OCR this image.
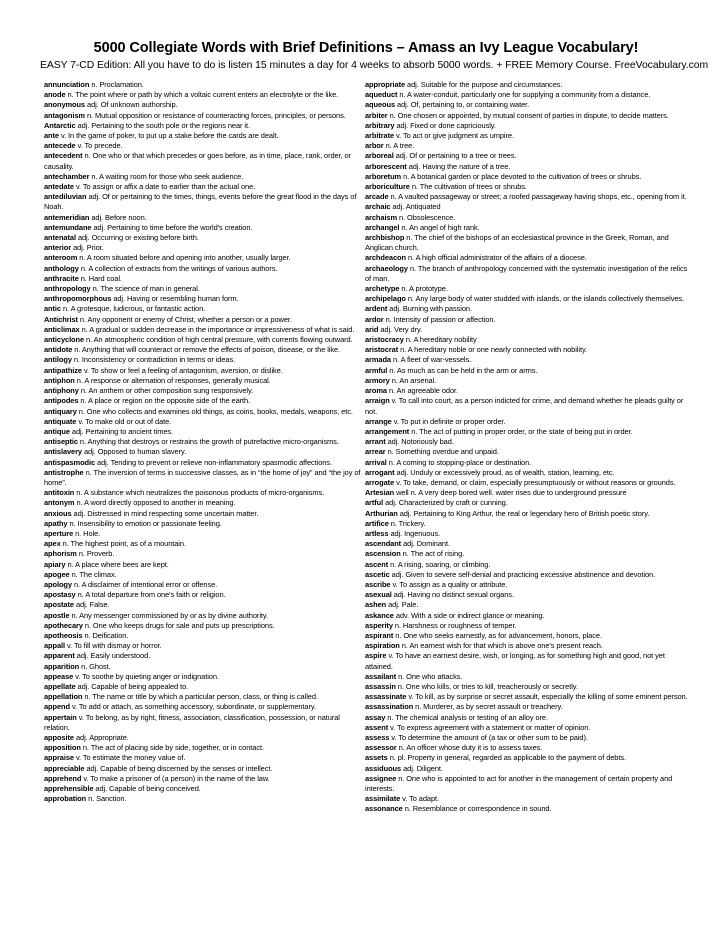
5000 Collegiate Words with Brief Definitions – Amass an Ivy League Vocabulary!
EASY 7-CD Edition: All you have to do is listen 15 minutes a day for 4 weeks to absorb 5000 words. + FREE Memory Course. FreeVocabulary.com

annunciation n. Proclamation.

anode n. The point where or path by which a voltaic current enters an electrolyte or the like.

anonymous adj. Of unknown authorship.

antagonism n. Mutual opposition or resistance of counteracting forces, principles, or persons.

Antarctic adj. Pertaining to the south pole or the regions near it.

ante v. In the game of poker, to put up a stake before the cards are dealt.

antecede v. To precede.

antecedent n. One who or that which precedes or goes before, as in time, place, rank, order, or causality.

antechamber n. A waiting room for those who seek audience.

antedate v. To assign or affix a date to earlier than the actual one.

antediluvian adj. Of or pertaining to the times, things, events before the great flood in the days of Noah.

antemeridian adj. Before noon.

antemundane adj. Pertaining to time before the world's creation.

antenatal adj. Occurring or existing before birth.

anterior adj. Prior.

anteroom n. A room situated before and opening into another, usually larger.

anthology n. A collection of extracts from the writings of various authors.

anthracite n. Hard coal.

anthropology n. The science of man in general.

anthropomorphous adj. Having or resembling human form.

antic n. A grotesque, ludicrous, or fantastic action.

Antichrist n. Any opponent or enemy of Christ, whether a person or a power.

anticlimax n. A gradual or sudden decrease in the importance or impressiveness of what is said.

anticyclone n. An atmospheric condition of high central pressure, with currents flowing outward.

antidote n. Anything that will counteract or remove the effects of poison, disease, or the like.

antilogy n. Inconsistency or contradiction in terms or ideas.

antipathize v. To show or feel a feeling of antagonism, aversion, or dislike.

antiphon n. A response or alternation of responses, generally musical.

antiphony n. An anthem or other composition sung responsively.

antipodes n. A place or region on the opposite side of the earth.

antiquary n. One who collects and examines old things, as coins, books, medals, weapons, etc.

antiquate v. To make old or out of date.

antique adj. Pertaining to ancient times.

antiseptic n. Anything that destroys or restrains the growth of putrefactive micro-organisms.

antislavery adj. Opposed to human slavery.

antispasmodic adj. Tending to prevent or relieve non-inflammatory spasmodic affections.

antistrophe n. The inversion of terms in successive classes, as in “the home of joy” and “the joy of home”.

antitoxin n. A substance which neutralizes the poisonous products of micro-organisms.

antonym n. A word directly opposed to another in meaning.

anxious adj. Distressed in mind respecting some uncertain matter.

apathy n. Insensibility to emotion or passionate feeling.

aperture n. Hole.

apex n. The highest point, as of a mountain.

aphorism n. Proverb.

apiary n. A place where bees are kept.

apogee n. The climax.

apology n. A disclaimer of intentional error or offense.

apostasy n. A total departure from one's faith or religion.

apostate adj. False.

apostle n. Any messenger commissioned by or as by divine authority.

apothecary n. One who keeps drugs for sale and puts up prescriptions.

apotheosis n. Deification.

appall v. To fill with dismay or horror.

apparent adj. Easily understood.

apparition n. Ghost.

appease v. To soothe by quieting anger or indignation.

appellate adj. Capable of being appealed to.

appellation n. The name or title by which a particular person, class, or thing is called.

append v. To add or attach, as something accessory, subordinate, or supplementary.

appertain v. To belong, as by right, fitness, association, classification, possession, or natural relation.

apposite adj. Appropriate.

apposition n. The act of placing side by side, together, or in contact.

appraise v. To estimate the money value of.

appreciable adj. Capable of being discerned by the senses or intellect.

apprehend v. To make a prisoner of (a person) in the name of the law.

apprehensible adj. Capable of being conceived.

approbation n. Sanction.

appropriate adj. Suitable for the purpose and circumstances.

aqueduct n. A water-conduit, particularly one for supplying a community from a distance.

aqueous adj. Of, pertaining to, or containing water.

arbiter n. One chosen or appointed, by mutual consent of parties in dispute, to decide matters.

arbitrary adj. Fixed or done capriciously.

arbitrate v. To act or give judgment as umpire.

arbor n. A tree.

arboreal adj. Of or pertaining to a tree or trees.

arborescent adj. Having the nature of a tree.

arboretum n. A botanical garden or place devoted to the cultivation of trees or shrubs.

arboriculture n. The cultivation of trees or shrubs.

arcade n. A vaulted passageway or street; a roofed passageway having shops, etc., opening from it.

archaic adj. Antiquated

archaism n. Obsolescence.

archangel n. An angel of high rank.

archbishop n. The chief of the bishops of an ecclesiastical province in the Greek, Roman, and Anglican church.

archdeacon n. A high official administrator of the affairs of a diocese.

archaeology n. The branch of anthropology concerned with the systematic investigation of the relics of man.

archetype n. A prototype.

archipelago n. Any large body of water studded with islands, or the islands collectively themselves.

ardent adj. Burning with passion.

ardor n. Intensity of passion or affection.

arid adj. Very dry.

aristocracy n. A hereditary nobility

aristocrat n. A hereditary noble or one nearly connected with nobility.

armada n. A fleet of war-vessels.

armful n. As much as can be held in the arm or arms.

armory n. An arsenal.

aroma n. An agreeable odor.

arraign v. To call into court, as a person indicted for crime, and demand whether he pleads guilty or not.

arrange v. To put in definite or proper order.

arrangement n. The act of putting in proper order, or the state of being put in order.

arrant adj. Notoriously bad.

arrear n. Something overdue and unpaid.

arrival n. A coming to stopping-place or destination.

arrogant adj. Unduly or excessively proud, as of wealth, station, learning, etc.

arrogate v. To take, demand, or claim, especially presumptuously or without reasons or grounds.

Artesian well n. A very deep bored well. water rises due to underground pressure

artful adj. Characterized by craft or cunning.

Arthurian adj. Pertaining to King Arthur, the real or legendary hero of British poetic story.

artifice n. Trickery.

artless adj. Ingenuous.

ascendant adj. Dominant.

ascension n. The act of rising.

ascent n. A rising, soaring, or climbing.

ascetic adj. Given to severe self-denial and practicing excessive abstinence and devotion.

ascribe v. To assign as a quality or attribute.

asexual adj. Having no distinct sexual organs.

ashen adj. Pale.

askance adv. With a side or indirect glance or meaning.

asperity n. Harshness or roughness of temper.

aspirant n. One who seeks earnestly, as for advancement, honors, place.

aspiration n. An earnest wish for that which is above one's present reach.

aspire v. To have an earnest desire, wish, or longing, as for something high and good, not yet attained.

assailant n. One who attacks.

assassin n. One who kills, or tries to kill, treacherously or secretly.

assassinate v. To kill, as by surprise or secret assault, especially the killing of some eminent person.

assassination n. Murderer, as by secret assault or treachery.

assay n. The chemical analysis or testing of an alloy ore.

assent v. To express agreement with a statement or matter of opinion.

assess v. To determine the amount of (a tax or other sum to be paid).

assessor n. An officer whose duty it is to assess taxes.

assets n. pl. Property in general, regarded as applicable to the payment of debts.

assiduous adj. Diligent.

assignee n. One who is appointed to act for another in the management of certain property and interests.

assimilate v. To adapt.

assonance n. Resemblance or correspondence in sound.
